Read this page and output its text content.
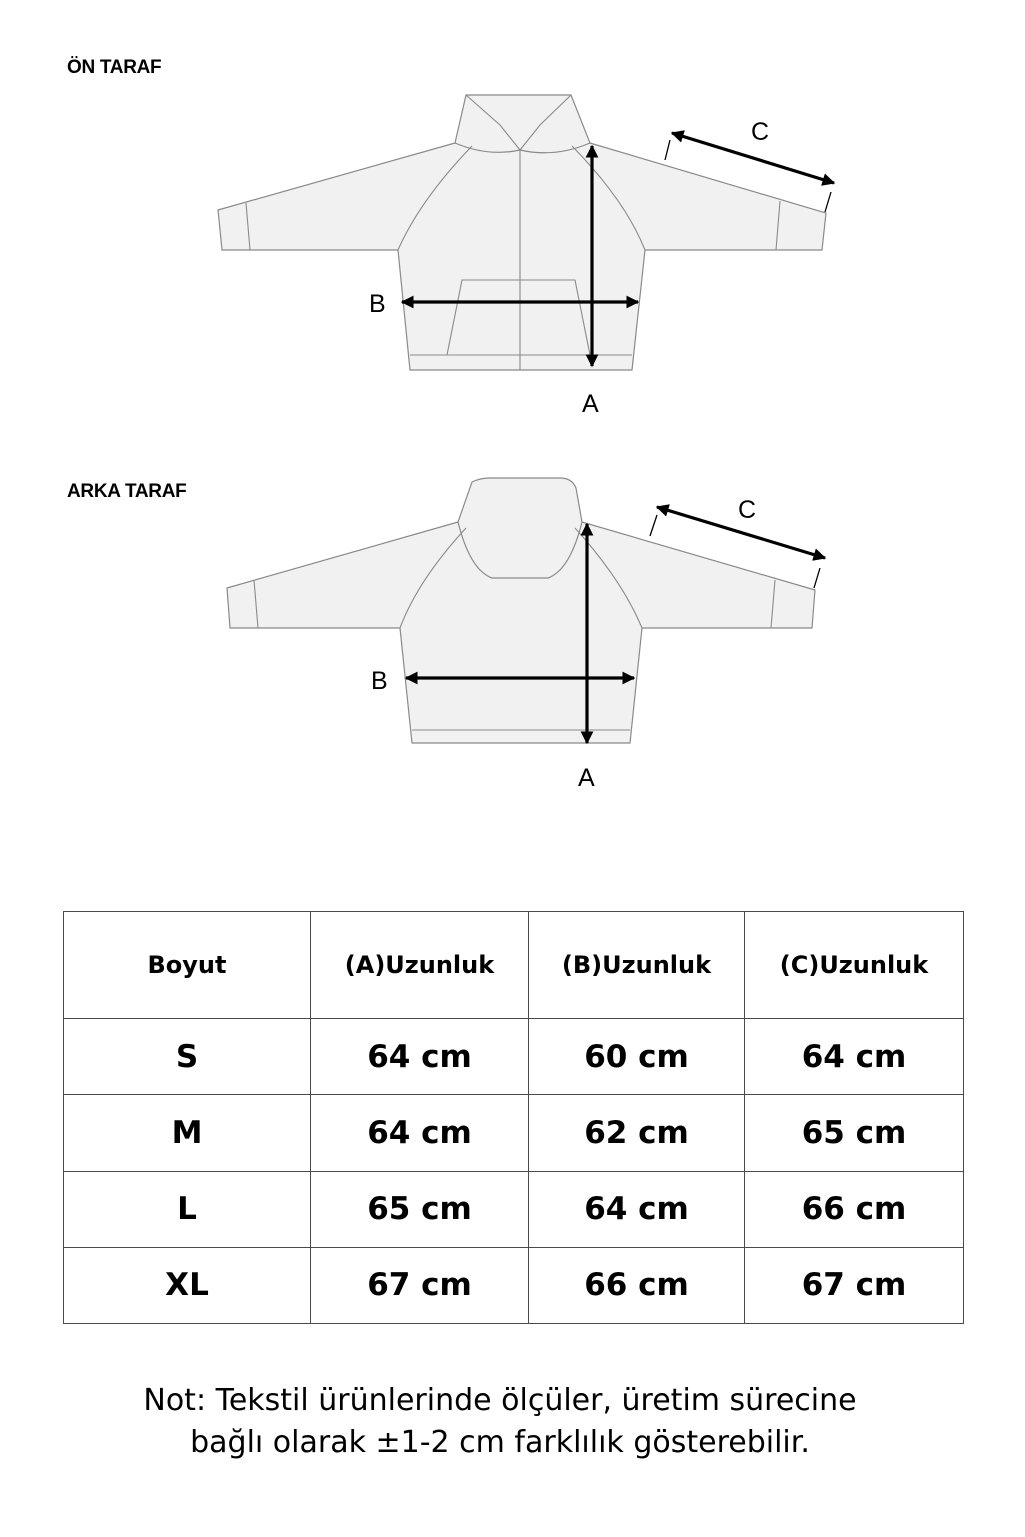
ÖN TARAF
A
B
C
ARKA TARAF
A
B
C
Boyut	(A)Uzunluk	(B)Uzunluk	(C)Uzunluk
S	64 cm	60 cm	64 cm
M	64 cm	62 cm	65 cm
L	65 cm	64 cm	66 cm
XL	67 cm	66 cm	67 cm
Not: Tekstil ürünlerinde ölçüler, üretim sürecine
bağlı olarak ±1-2 cm farklılık gösterebilir.
